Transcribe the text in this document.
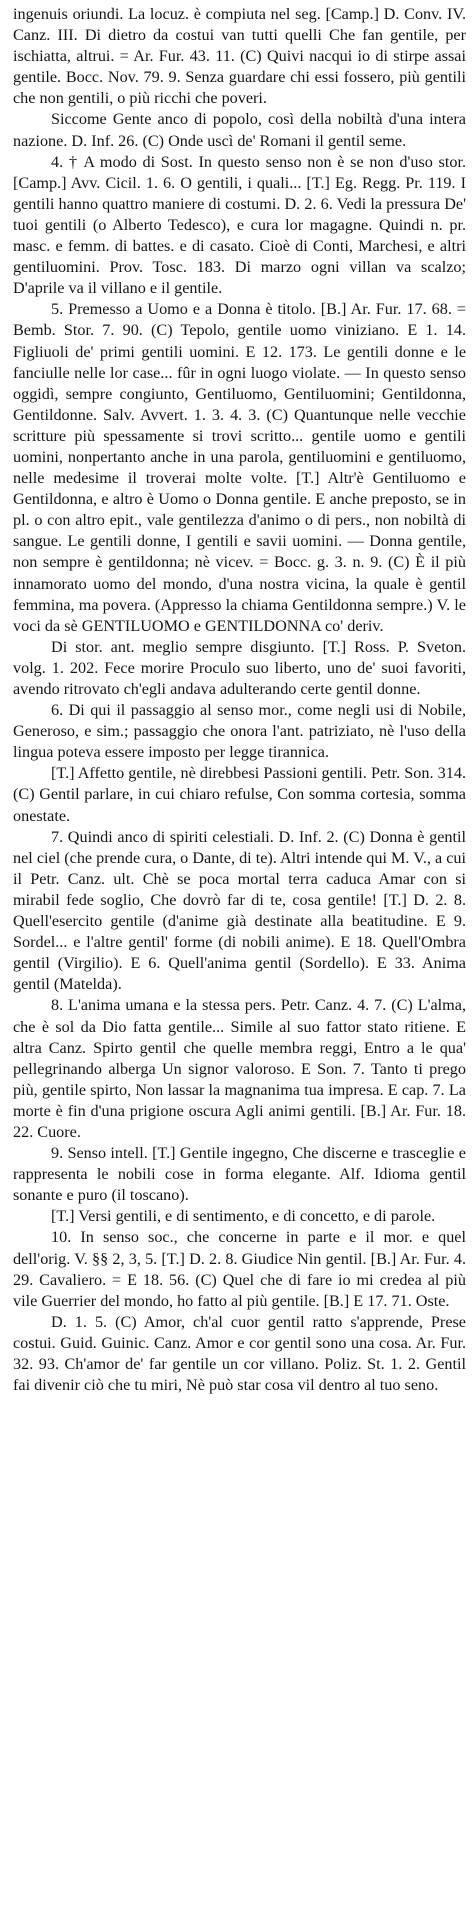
ingenuis oriundi. La locuz. è compiuta nel seg. [Camp.] D. Conv. IV. Canz. III. Di dietro da costui van tutti quelli Che fan gentile, per ischiatta, altrui. = Ar. Fur. 43. 11. (C) Quivi nacqui io di stirpe assai gentile. Bocc. Nov. 79. 9. Senza guardare chi essi fossero, più gentili che non gentili, o più ricchi che poveri.

Siccome Gente anco di popolo, così della nobiltà d'una intera nazione. D. Inf. 26. (C) Onde uscì de' Romani il gentil seme.

4. † A modo di Sost. In questo senso non è se non d'uso stor. [Camp.] Avv. Cicil. 1. 6. O gentili, i quali... [T.] Eg. Regg. Pr. 119. I gentili hanno quattro maniere di costumi. D. 2. 6. Vedi la pressura De' tuoi gentili (o Alberto Tedesco), e cura lor magagne. Quindi n. pr. masc. e femm. di battes. e di casato. Cioè di Conti, Marchesi, e altri gentiluomini. Prov. Tosc. 183. Di marzo ogni villan va scalzo; D'aprile va il villano e il gentile.

5. Premesso a Uomo e a Donna è titolo. [B.] Ar. Fur. 17. 68. = Bemb. Stor. 7. 90. (C) Tepolo, gentile uomo viniziano. E 1. 14. Figliuoli de' primi gentili uomini. E 12. 173. Le gentili donne e le fanciulle nelle lor case... fûr in ogni luogo violate. — In questo senso oggidì, sempre congiunto, Gentiluomo, Gentiluomini; Gentildonna, Gentildonne. Salv. Avvert. 1. 3. 4. 3. (C) Quantunque nelle vecchie scritture più spessamente si trovi scritto... gentile uomo e gentili uomini, nonpertanto anche in una parola, gentiluomini e gentiluomo, nelle medesime il troverai molte volte. [T.] Altr'è Gentiluomo e Gentildonna, e altro è Uomo o Donna gentile. E anche preposto, se in pl. o con altro epit., vale gentilezza d'animo o di pers., non nobiltà di sangue. Le gentili donne, I gentili e savii uomini. — Donna gentile, non sempre è gentildonna; nè vicev. = Bocc. g. 3. n. 9. (C) È il più innamorato uomo del mondo, d'una nostra vicina, la quale è gentil femmina, ma povera. (Appresso la chiama Gentildonna sempre.) V. le voci da sè GENTILUOMO e GENTILDONNA co' deriv.

Di stor. ant. meglio sempre disgiunto. [T.] Ross. P. Sveton. volg. 1. 202. Fece morire Proculo suo liberto, uno de' suoi favoriti, avendo ritrovato ch'egli andava adulterando certe gentil donne.

6. Di qui il passaggio al senso mor., come negli usi di Nobile, Generoso, e sim.; passaggio che onora l'ant. patriziato, nè l'uso della lingua poteva essere imposto per legge tirannica.

[T.] Affetto gentile, nè direbbesi Passioni gentili. Petr. Son. 314. (C) Gentil parlare, in cui chiaro refulse, Con somma cortesia, somma onestate.

7. Quindi anco di spiriti celestiali. D. Inf. 2. (C) Donna è gentil nel ciel (che prende cura, o Dante, di te). Altri intende qui M. V., a cui il Petr. Canz. ult. Chè se poca mortal terra caduca Amar con si mirabil fede soglio, Che dovrò far di te, cosa gentile! [T.] D. 2. 8. Quell'esercito gentile (d'anime già destinate alla beatitudine. E 9. Sordel... e l'altre gentil' forme (di nobili anime). E 18. Quell'Ombra gentil (Virgilio). E 6. Quell'anima gentil (Sordello). E 33. Anima gentil (Matelda).

8. L'anima umana e la stessa pers. Petr. Canz. 4. 7. (C) L'alma, che è sol da Dio fatta gentile... Simile al suo fattor stato ritiene. E altra Canz. Spirto gentil che quelle membra reggi, Entro a le qua' pellegrinando alberga Un signor valoroso. E Son. 7. Tanto ti prego più, gentile spirto, Non lassar la magnanima tua impresa. E cap. 7. La morte è fin d'una prigione oscura Agli animi gentili. [B.] Ar. Fur. 18. 22. Cuore.

9. Senso intell. [T.] Gentile ingegno, Che discerne e trasceglie e rappresenta le nobili cose in forma elegante. Alf. Idioma gentil sonante e puro (il toscano).

[T.] Versi gentili, e di sentimento, e di concetto, e di parole.

10. In senso soc., che concerne in parte e il mor. e quel dell'orig. V. §§ 2, 3, 5. [T.] D. 2. 8. Giudice Nin gentil. [B.] Ar. Fur. 4. 29. Cavaliero. = E 18. 56. (C) Quel che di fare io mi credea al più vile Guerrier del mondo, ho fatto al più gentile. [B.] E 17. 71. Oste.

D. 1. 5. (C) Amor, ch'al cuor gentil ratto s'apprende, Prese costui. Guid. Guinic. Canz. Amor e cor gentil sono una cosa. Ar. Fur. 32. 93. Ch'amor de' far gentile un cor villano. Poliz. St. 1. 2. Gentil fai divenir ciò che tu miri, Nè può star cosa vil dentro al tuo seno.
